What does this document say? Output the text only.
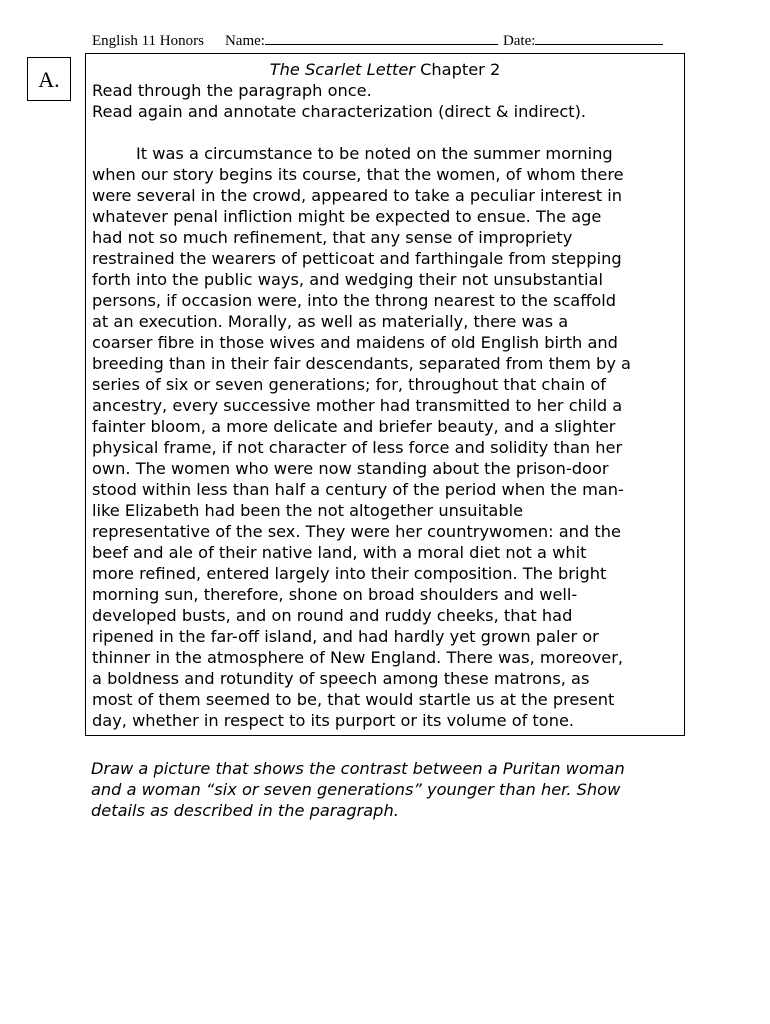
English 11 Honors Name:	Date:
A.	The Scarlet Letter Chapter 2
Read through the paragraph once.
Read again and annotate characterization (direct & indirect).
It was a circumstance to be noted on the summer morning
when our story begins its course, that the women, of whom there
were several in the crowd, appeared to take a peculiar interest in
whatever penal infliction might be expected to ensue. The age
had not so much refinement, that any sense of impropriety
restrained the wearers of petticoat and farthingale from stepping
forth into the public ways, and wedging their not unsubstantial
persons, if occasion were, into the throng nearest to the scaffold
at an execution. Morally, as well as materially, there was a
coarser fibre in those wives and maidens of old English birth and
breeding than in their fair descendants, separated from them by a
series of six or seven generations; for, throughout that chain of
ancestry, every successive mother had transmitted to her child a
fainter bloom, a more delicate and briefer beauty, and a slighter
physical frame, if not character of less force and solidity than her
own. The women who were now standing about the prison-door
stood within less than half a century of the period when the man-
like Elizabeth had been the not altogether unsuitable
representative of the sex. They were her countrywomen: and the
beef and ale of their native land, with a moral diet not a whit
more refined, entered largely into their composition. The bright
morning sun, therefore, shone on broad shoulders and well-
developed busts, and on round and ruddy cheeks, that had
ripened in the far-off island, and had hardly yet grown paler or
thinner in the atmosphere of New England. There was, moreover,
a boldness and rotundity of speech among these matrons, as
most of them seemed to be, that would startle us at the present
day, whether in respect to its purport or its volume of tone.
Draw a picture that shows the contrast between a Puritan woman
and a woman “six or seven generations” younger than her. Show
details as described in the paragraph.
